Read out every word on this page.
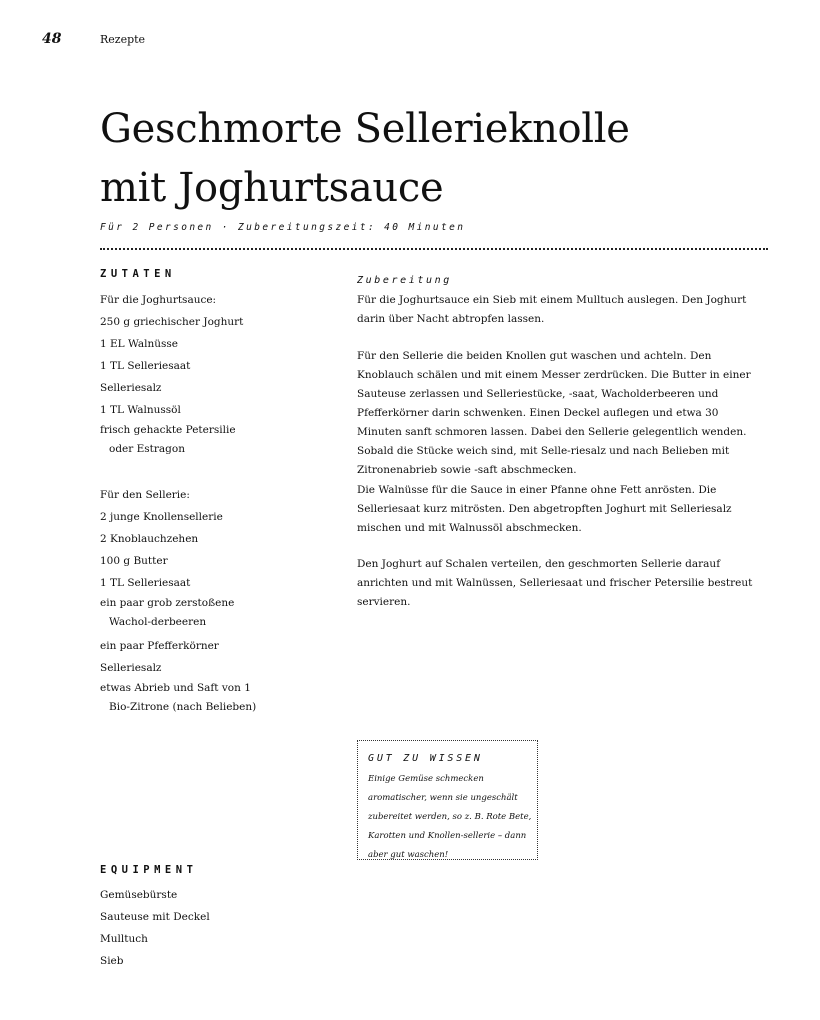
48	Rezepte
Geschmorte Sellerieknolle
mit Joghurtsauce
Für 2 Personen · Zubereitungszeit: 40 Minuten
ZUTATEN
Für die Joghurtsauce:
250 g griechischer Joghurt
1 EL Walnüsse
1 TL Selleriesaat
Selleriesalz
1 TL Walnussöl
frisch gehackte Petersilie oder Estragon
Für den Sellerie:
2 junge Knollensellerie
2 Knoblauchzehen
100 g Butter
1 TL Selleriesaat
ein paar grob zerstoßene Wachol-derbeeren
ein paar Pfefferkörner
Selleriesalz
etwas Abrieb und Saft von 1 Bio-Zitrone (nach Belieben)
EQUIPMENT
Gemüsebürste
Sauteuse mit Deckel
Mulltuch
Sieb
Zubereitung

Für die Joghurtsauce ein Sieb mit einem Mulltuch auslegen. Den Joghurt darin über Nacht abtropfen lassen.

Für den Sellerie die beiden Knollen gut waschen und achteln. Den Knoblauch schälen und mit einem Messer zerdrücken. Die Butter in einer Sauteuse zerlassen und Selleriestücke, -saat, Wacholderbeeren und Pfefferkörner darin schwenken. Einen Deckel auflegen und etwa 30 Minuten sanft schmoren lassen. Dabei den Sellerie gelegentlich wenden. Sobald die Stücke weich sind, mit Selle-riesalz und nach Belieben mit Zitronenabrieb sowie -saft abschmecken.

Die Walnüsse für die Sauce in einer Pfanne ohne Fett anrösten. Die Selleriesaat kurz mitrösten. Den abgetropften Joghurt mit Selleriesalz mischen und mit Walnussöl abschmecken.

Den Joghurt auf Schalen verteilen, den geschmorten Sellerie darauf anrichten und mit Walnüssen, Selleriesaat und frischer Petersilie bestreut servieren.

GUT ZU WISSEN

Einige Gemüse schmecken aromatischer, wenn sie ungeschält zubereitet werden, so z. B. Rote Bete, Karotten und Knollen-sellerie – dann aber gut waschen!
